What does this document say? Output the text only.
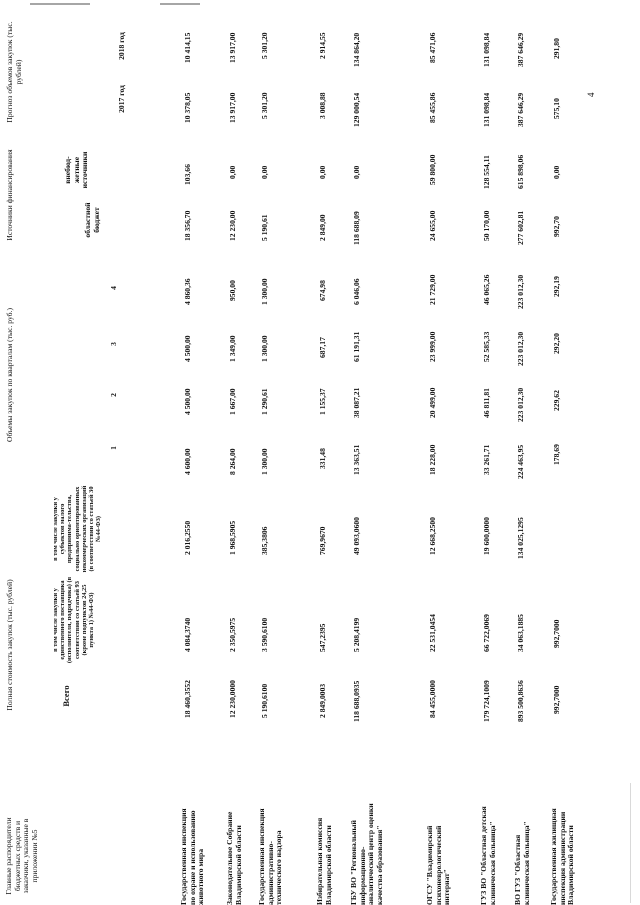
Главные распорядители бюджетных средств и заказчики, указанные в приложении №5
Полная стоимость закупок (тыс. рублей)	Всего
в том числе закупки у единственного поставщика (исполнителя, подрядчика) (в соответствии со статьей 93 (кроме подпунктов 24,25 пункта 1) №44-ФЗ)
в том числе закупки у субъектов малого предпринима-тельства, социально ориентированных некоммерческих организаций (в соответствии со статьей 30 №44-ФЗ)
Объемы закупок по кварталам (тыс. руб.)
1
2
3
4
Источники финансирования	областной бюджет
внебюд-жетные источники
Прогноз объемов закупок (тыс. рублей)
2017 год
2018 год
Государственная инспекция по охране и использованию животного мира
18 460,3552
4 084,3740
2 016,2550
4 600,00
4 500,00
4 500,00
4 860,36
18 356,70
103,66
10 378,05
10 414,15
Законодательное Собрание Владимирской области
12 230,0000
2 350,5975
1 968,5905
8 264,00
1 667,00
1 349,00
950,00
12 230,00
0,00
13 917,00
13 917,00
Государственная инспекция административно-технического надзора
5 190,6100
3 590,6100
385,3806
1 300,00
1 290,61
1 300,00
1 300,00
5 190,61
0,00
5 301,20
5 301,20
Избирательная комиссия Владимирской области
2 849,0003
547,2395
769,9670
331,48
1 155,37
687,17
674,98
2 849,00
0,00
3 008,88
2 914,55
ГБУ ВО "Региональный информационно-аналитический центр оценки качества образования"
118 688,0935
5 208,4199
49 093,0600
13 363,51
38 087,21
61 191,31
6 046,06
118 688,09
0,00
129 000,54
134 864,20
ОГСУ "Владимирский психоневрологический интернат"
84 455,0000
22 531,0454
12 668,2500
18 228,00
20 499,00
23 999,00
21 729,00
24 655,00
59 800,00
85 455,86
85 471,06
ГУЗ ВО "Областная детская клиническая больница"
179 724,1009
66 722,0069
19 600,0000
33 261,71
46 811,81
52 585,33
46 065,26
50 170,00
128 554,11
131 098,84
131 098,84
ВО ГУЗ "Областная клиническая больница"
893 500,8636
34 063,1885
134 025,1295
224 463,95
223 012,30
223 012,30
223 012,30
277 602,81
615 898,06
387 646,29
387 646,29
Государственная жилищная инспекция администрации Владимирской области
992,7000
992,7000
178,69
229,62
292,20
292,19
992,70
0,00
575,10
291,80
4
